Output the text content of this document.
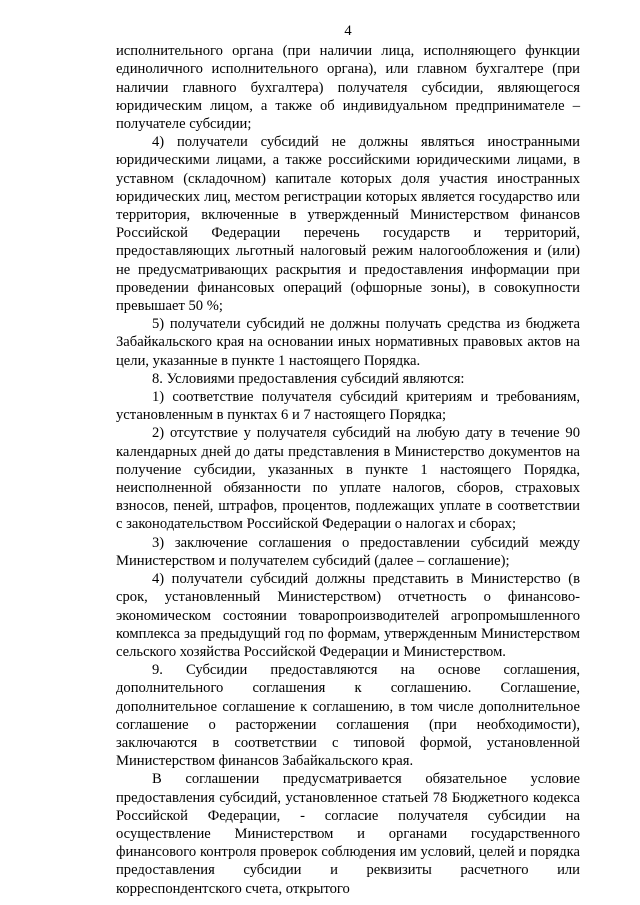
4

исполнительного органа (при наличии лица, исполняющего функции единоличного исполнительного органа), или главном бухгалтере (при наличии главного бухгалтера) получателя субсидии, являющегося юридическим лицом, а также об индивидуальном предпринимателе – получателе субсидии;

4) получатели субсидий не должны являться иностранными юридическими лицами, а также российскими юридическими лицами, в уставном (складочном) капитале которых доля участия иностранных юридических лиц, местом регистрации которых является государство или территория, включенные в утвержденный Министерством финансов Российской Федерации перечень государств и территорий, предоставляющих льготный налоговый режим налогообложения и (или) не предусматривающих раскрытия и предоставления информации при проведении финансовых операций (офшорные зоны), в совокупности превышает 50 %;

5) получатели субсидий не должны получать средства из бюджета Забайкальского края на основании иных нормативных правовых актов на цели, указанные в пункте 1 настоящего Порядка.

8. Условиями предоставления субсидий являются:

1) соответствие получателя субсидий критериям и требованиям, установленным в пунктах 6 и 7 настоящего Порядка;

2) отсутствие у получателя субсидий на любую дату в течение 90 календарных дней до даты представления в Министерство документов на получение субсидии, указанных в пункте 1 настоящего Порядка, неисполненной обязанности по уплате налогов, сборов, страховых взносов, пеней, штрафов, процентов, подлежащих уплате в соответствии с законодательством Российской Федерации о налогах и сборах;

3) заключение соглашения о предоставлении субсидий между Министерством и получателем субсидий (далее – соглашение);

4) получатели субсидий должны представить в Министерство (в срок, установленный Министерством) отчетность о финансово-экономическом состоянии товаропроизводителей агропромышленного комплекса за предыдущий год по формам, утвержденным Министерством сельского хозяйства Российской Федерации и Министерством.

9. Субсидии предоставляются на основе соглашения, дополнительного соглашения к соглашению. Соглашение, дополнительное соглашение к соглашению, в том числе дополнительное соглашение о расторжении соглашения (при необходимости), заключаются в соответствии с типовой формой, установленной Министерством финансов Забайкальского края.

В соглашении предусматривается обязательное условие предоставления субсидий, установленное статьей 78 Бюджетного кодекса Российской Федерации, - согласие получателя субсидии на осуществление Министерством и органами государственного финансового контроля проверок соблюдения им условий, целей и порядка предоставления субсидии и реквизиты расчетного или корреспондентского счета, открытого
